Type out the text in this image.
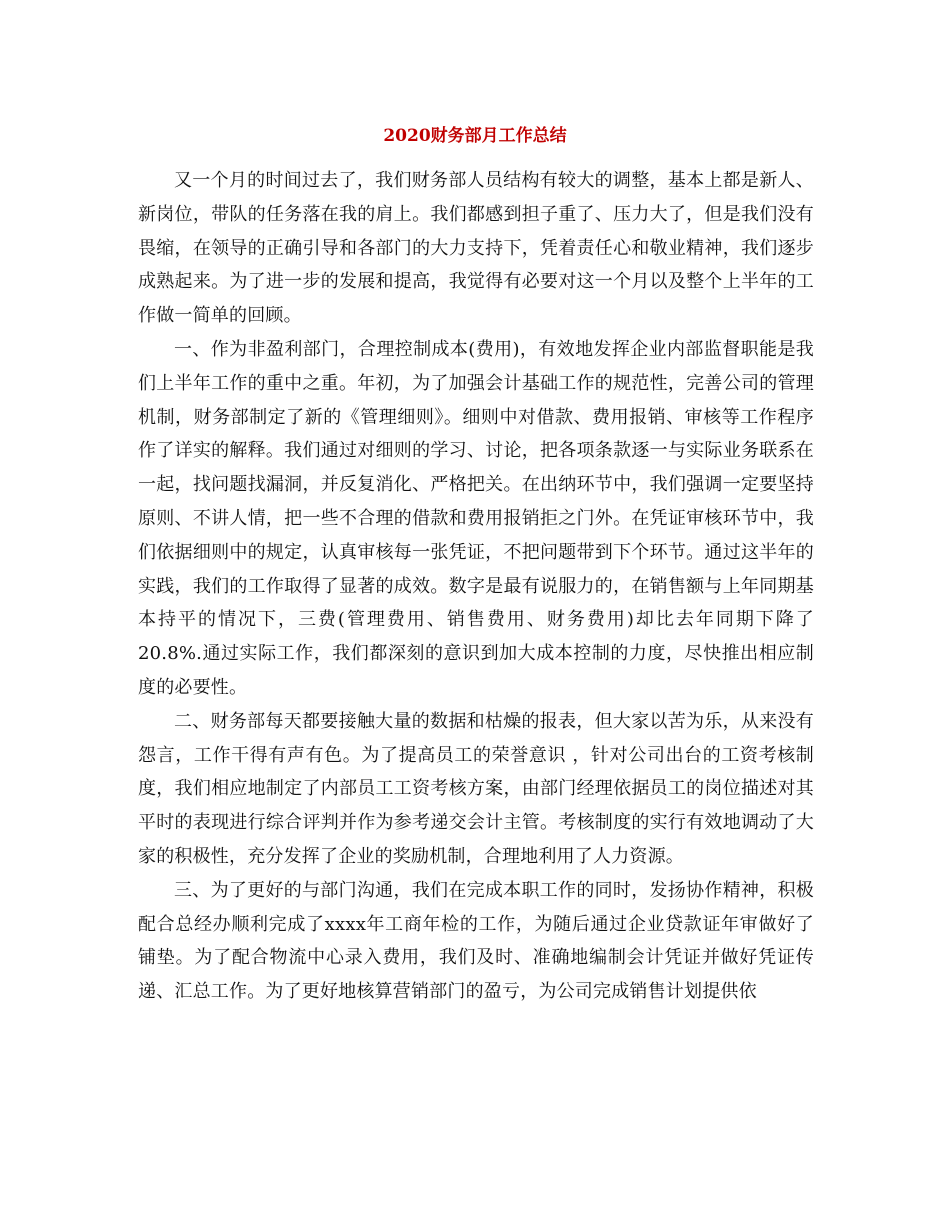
2020财务部月工作总结

又一个月的时间过去了，我们财务部人员结构有较大的调整，基本上都是新人、新岗位，带队的任务落在我的肩上。我们都感到担子重了、压力大了，但是我们没有畏缩，在领导的正确引导和各部门的大力支持下，凭着责任心和敬业精神，我们逐步成熟起来。为了进一步的发展和提高，我觉得有必要对这一个月以及整个上半年的工作做一简单的回顾。

一、作为非盈利部门，合理控制成本(费用)，有效地发挥企业内部监督职能是我们上半年工作的重中之重。年初，为了加强会计基础工作的规范性，完善公司的管理机制，财务部制定了新的《管理细则》。细则中对借款、费用报销、审核等工作程序作了详实的解释。我们通过对细则的学习、讨论，把各项条款逐一与实际业务联系在一起，找问题找漏洞，并反复消化、严格把关。在出纳环节中，我们强调一定要坚持原则、不讲人情，把一些不合理的借款和费用报销拒之门外。在凭证审核环节中，我们依据细则中的规定，认真审核每一张凭证，不把问题带到下个环节。通过这半年的实践，我们的工作取得了显著的成效。数字是最有说服力的，在销售额与上年同期基本持平的情况下，三费(管理费用、销售费用、财务费用)却比去年同期下降了20.8%.通过实际工作，我们都深刻的意识到加大成本控制的力度，尽快推出相应制度的必要性。

二、财务部每天都要接触大量的数据和枯燥的报表，但大家以苦为乐，从来没有怨言，工作干得有声有色。为了提高员工的荣誉意识 ，针对公司出台的工资考核制度，我们相应地制定了内部员工工资考核方案，由部门经理依据员工的岗位描述对其平时的表现进行综合评判并作为参考递交会计主管。考核制度的实行有效地调动了大家的积极性，充分发挥了企业的奖励机制，合理地利用了人力资源。

三、为了更好的与部门沟通，我们在完成本职工作的同时，发扬协作精神，积极配合总经办顺利完成了xxxx年工商年检的工作，为随后通过企业贷款证年审做好了铺垫。为了配合物流中心录入费用，我们及时、准确地编制会计凭证并做好凭证传递、汇总工作。为了更好地核算营销部门的盈亏，为公司完成销售计划提供依
